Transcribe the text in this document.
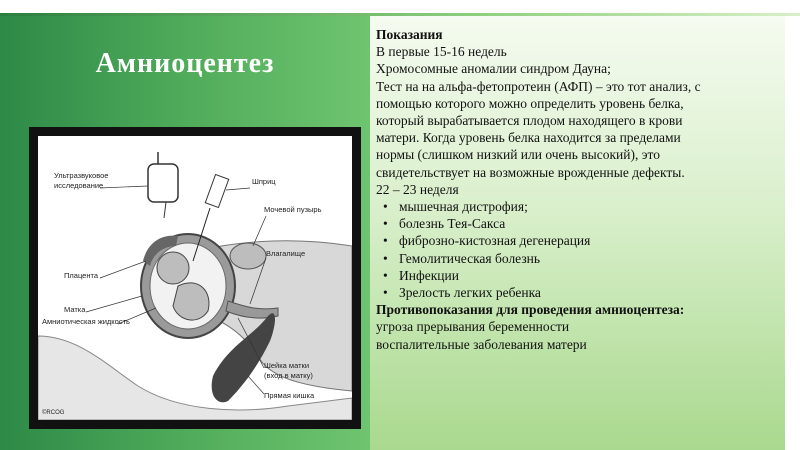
Амниоцентез
Ультразвуковое
исследование	Шприц
Мочевой пузырь
Плацента
Влагалище
Матка
Амниотическая жидкость
Шейка матки
(вход в матку)
Прямая кишка
©RCOG

Показания

В первые 15-16 недель

Хромосомные аномалии синдром Дауна;

Тест на на альфа-фетопротеин (АФП) – это тот анализ, с

помощью которого можно определить уровень белка,

который вырабатывается плодом находящего в крови

матери. Когда уровень белка находится за пределами

нормы (слишком низкий или очень высокий), это

свидетельствует на возможные врожденные дефекты.

22 – 23 неделя

• мышечная дистрофия;
• болезнь Тея-Сакса
• фиброзно-кистозная дегенерация
• Гемолитическая болезнь
• Инфекции
• Зрелость легких ребенка

Противопоказания для проведения амниоцентеза:

угроза прерывания беременности

воспалительные заболевания матери
